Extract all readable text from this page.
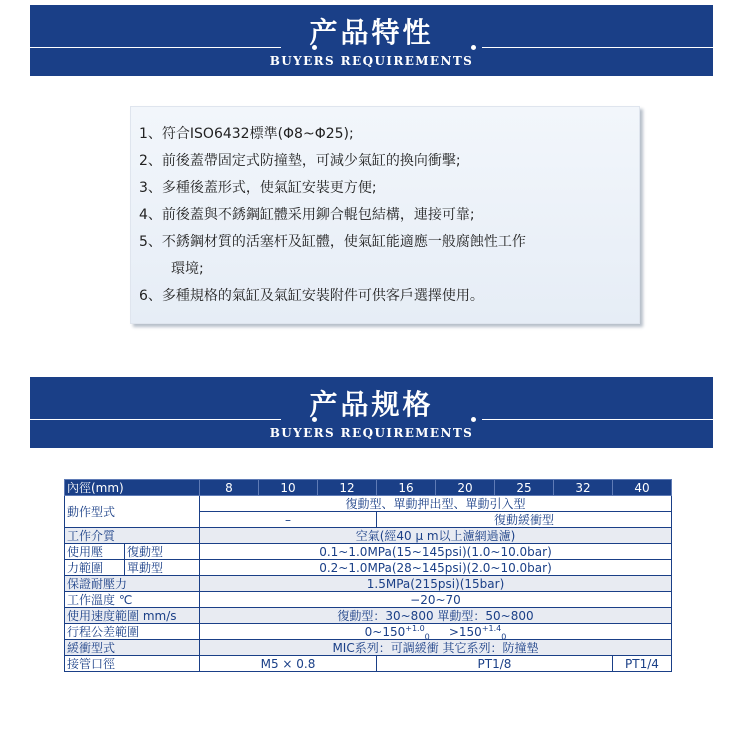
产品特性
BUYERS REQUIREMENTS
1、符合ISO6432標準(Φ8~Φ25);
2、前後蓋帶固定式防撞墊，可減少氣缸的換向衝擊;
3、多種後蓋形式，使氣缸安裝更方便;
4、前後蓋與不銹鋼缸體采用鉚合輥包結構，連接可靠;
5、不銹鋼材質的活塞杆及缸體，使氣缸能適應一般腐蝕性工作
環境;
6、多種規格的氣缸及氣缸安裝附件可供客戶選擇使用。
产品规格
BUYERS REQUIREMENTS
內徑(mm)		8	10	12	16	20	25	32	40
動作型式		復動型、單動押出型、單動引入型							
		–			復動緩衝型				
工作介質		空氣(經40 μ m以上濾網過濾)							
使用壓	復動型	0.1~1.0MPa(15~145psi)(1.0~10.0bar)							
力範圍	單動型	0.2~1.0MPa(28~145psi)(2.0~10.0bar)							
保證耐壓力		1.5MPa(215psi)(15bar)							
工作溫度 ℃		−20~70							
使用速度範圍 mm/s		復動型：30~800 單動型：50~800							
行程公差範圍		$0\sim 150^{+1.0}_0 >150^{+1.4}_0$
緩衝型式		MIC系列：可調緩衝 其它系列：防撞墊							
接管口徑		M5 × 0.8			PT1/8				PT1/4
